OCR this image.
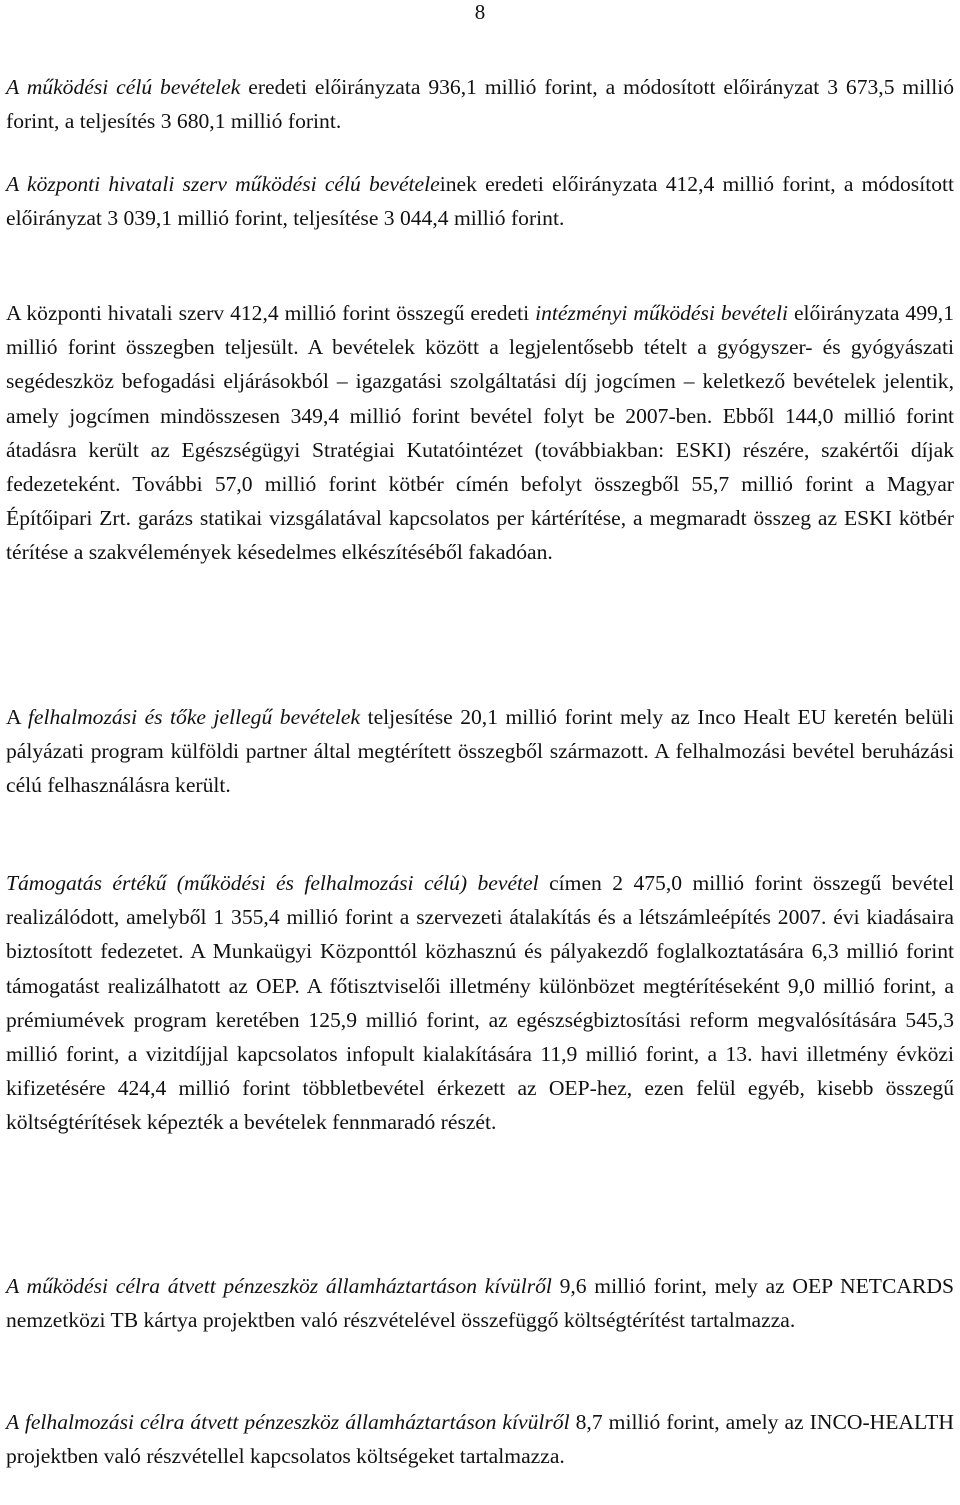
8

A működési célú bevételek eredeti előirányzata 936,1 millió forint, a módosított előirányzat 3 673,5 millió forint, a teljesítés 3 680,1 millió forint.

A központi hivatali szerv működési célú bevételeinek eredeti előirányzata 412,4 millió forint, a módosított előirányzat 3 039,1 millió forint, teljesítése 3 044,4 millió forint.

A központi hivatali szerv 412,4 millió forint összegű eredeti intézményi működési bevételi előirányzata 499,1 millió forint összegben teljesült. A bevételek között a legjelentősebb tételt a gyógyszer- és gyógyászati segédeszköz befogadási eljárásokból – igazgatási szolgáltatási díj jogcímen – keletkező bevételek jelentik, amely jogcímen mindösszesen 349,4 millió forint bevétel folyt be 2007-ben. Ebből 144,0 millió forint átadásra került az Egészségügyi Stratégiai Kutatóintézet (továbbiakban: ESKI) részére, szakértői díjak fedezeteként. További 57,0 millió forint kötbér címén befolyt összegből 55,7 millió forint a Magyar Építőipari Zrt. garázs statikai vizsgálatával kapcsolatos per kártérítése, a megmaradt összeg az ESKI kötbér térítése a szakvélemények késedelmes elkészítéséből fakadóan.

A felhalmozási és tőke jellegű bevételek teljesítése 20,1 millió forint mely az Inco Healt EU keretén belüli pályázati program külföldi partner által megtérített összegből származott. A felhalmozási bevétel beruházási célú felhasználásra került.

Támogatás értékű (működési és felhalmozási célú) bevétel címen 2 475,0 millió forint összegű bevétel realizálódott, amelyből 1 355,4 millió forint a szervezeti átalakítás és a létszámleépítés 2007. évi kiadásaira biztosított fedezetet. A Munkaügyi Központtól közhasznú és pályakezdő foglalkoztatására 6,3 millió forint támogatást realizálhatott az OEP. A főtisztviselői illetmény különbözet megtérítéseként 9,0 millió forint, a prémiumévek program keretében 125,9 millió forint, az egészségbiztosítási reform megvalósítására 545,3 millió forint, a vizitdíjjal kapcsolatos infopult kialakítására 11,9 millió forint, a 13. havi illetmény évközi kifizetésére 424,4 millió forint többletbevétel érkezett az OEP-hez, ezen felül egyéb, kisebb összegű költségtérítések képezték a bevételek fennmaradó részét.

A működési célra átvett pénzeszköz államháztartáson kívülről 9,6 millió forint, mely az OEP NETCARDS nemzetközi TB kártya projektben való részvételével összefüggő költségtérítést tartalmazza.

A felhalmozási célra átvett pénzeszköz államháztartáson kívülről 8,7 millió forint, amely az INCO-HEALTH projektben való részvétellel kapcsolatos költségeket tartalmazza.
